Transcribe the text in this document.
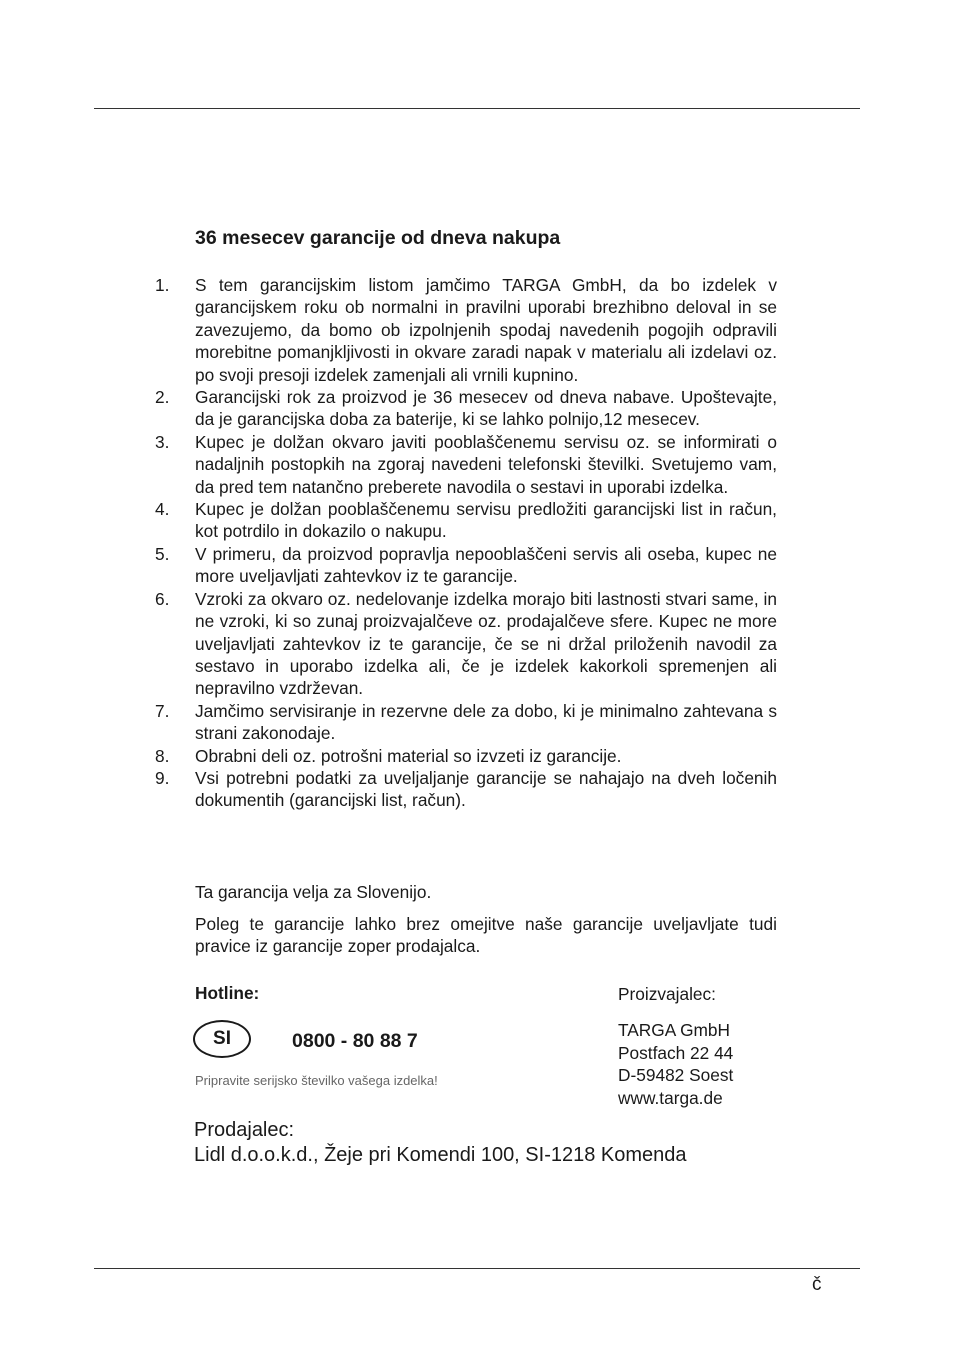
36 mesecev garancije od dneva nakupa
1.	S tem garancijskim listom jamčimo TARGA GmbH, da bo izdelek v garancijskem roku ob normalni in pravilni uporabi brezhibno deloval in se zavezujemo, da bomo ob izpolnjenih spodaj navedenih pogojih odpravili morebitne pomanjkljivosti in okvare zaradi napak v materialu ali izdelavi oz. po svoji presoji izdelek zamenjali ali vrnili kupnino.
2.	Garancijski rok za proizvod je 36 mesecev od dneva nabave. Upoštevajte, da je garancijska doba za baterije, ki se lahko polnijo,12 mesecev.
3.	Kupec je dolžan okvaro javiti pooblaščenemu servisu oz. se informirati o nadaljnih postopkih na zgoraj navedeni telefonski številki. Svetujemo vam, da pred tem natančno preberete navodila o sestavi in uporabi izdelka.
4.	Kupec je dolžan pooblaščenemu servisu predložiti garancijski list in račun, kot potrdilo in dokazilo o nakupu.
5.	V primeru, da proizvod popravlja nepooblaščeni servis ali oseba, kupec ne more uveljavljati zahtevkov iz te garancije.
6.	Vzroki za okvaro oz. nedelovanje izdelka morajo biti lastnosti stvari same, in ne vzroki, ki so zunaj proizvajalčeve oz. prodajalčeve sfere. Kupec ne more uveljavljati zahtevkov iz te garancije, če se ni držal priloženih navodil za sestavo in uporabo izdelka ali, če je izdelek kakorkoli spremenjen ali nepravilno vzdrževan.
7.	Jamčimo servisiranje in rezervne dele za dobo, ki je minimalno zahtevana s strani zakonodaje.
8.	Obrabni deli oz. potrošni material so izvzeti iz garancije.
9.	Vsi potrebni podatki za uveljaljanje garancije se nahajajo na dveh ločenih dokumentih (garancijski list, račun).

Ta garancija velja za Slovenijo.

Poleg te garancije lahko brez omejitve naše garancije uveljavljate tudi pravice iz garancije zoper prodajalca.

Hotline:

SI	0800 - 80 88 7

Pripravite serijsko številko vašega izdelka!

Proizvajalec:
TARGA GmbH
Postfach 22 44
D-59482 Soest
www.targa.de
Prodajalec:
Lidl d.o.o.k.d., Žeje pri Komendi 100, SI-1218 Komenda

č
